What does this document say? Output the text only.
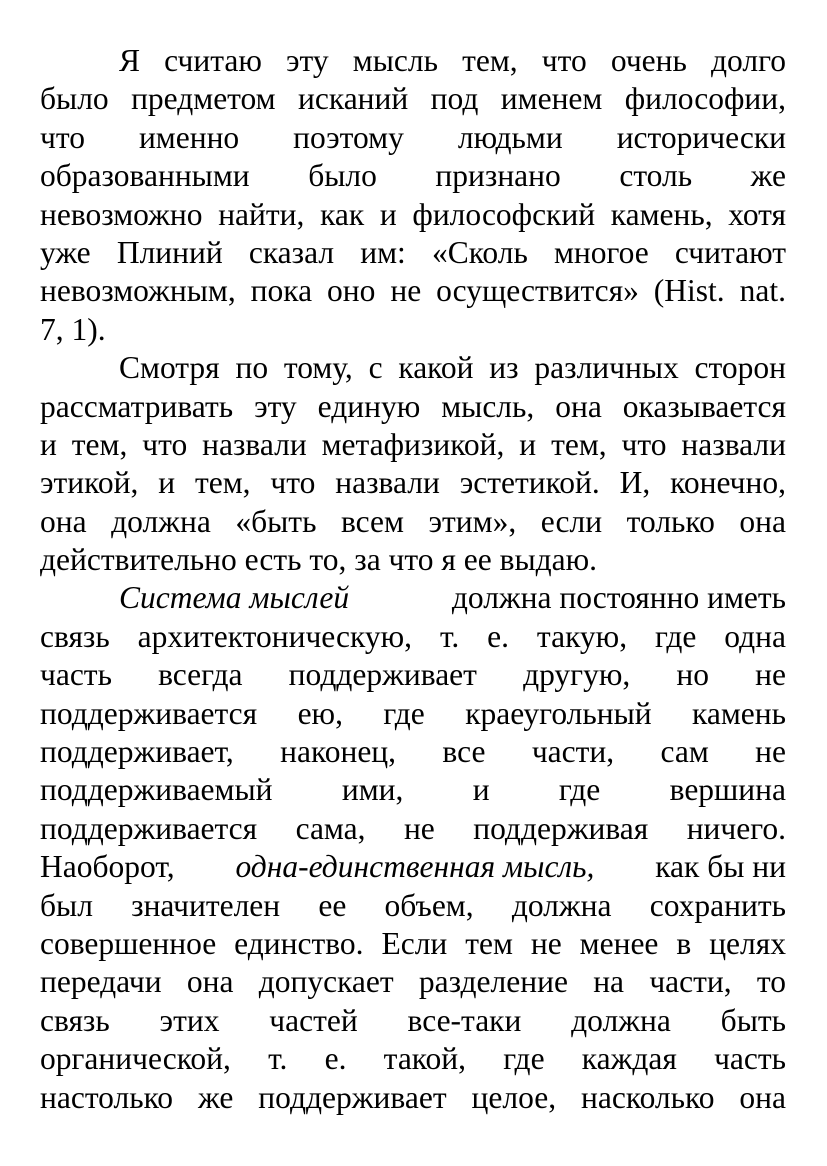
Я считаю эту мысль тем, что очень долго
было предметом исканий под именем философии,
что именно поэтому людьми исторически
образованными было признано столь же
невозможно найти, как и философский камень, хотя
уже Плиний сказал им: «Сколь многое считают
невозможным, пока оно не осуществится» (Hist. nat.
7, 1).
Смотря по тому, с какой из различных сторон
рассматривать эту единую мысль, она оказывается
и тем, что назвали метафизикой, и тем, что назвали
этикой, и тем, что назвали эстетикой. И, конечно,
она должна «быть всем этим», если только она
действительно есть то, за что я ее выдаю.
Система мыслей	должна постоянно иметь
связь архитектоническую, т. е. такую, где одна
часть всегда поддерживает другую, но не
поддерживается ею, где краеугольный камень
поддерживает, наконец, все части, сам не
поддерживаемый ими, и где вершина
поддерживается сама, не поддерживая ничего.
Наоборот, одна-единственная мысль, как бы ни
был значителен ее объем, должна сохранить
совершенное единство. Если тем не менее в целях
передачи она допускает разделение на части, то
связь этих частей все-таки должна быть
органической, т. е. такой, где каждая часть
настолько же поддерживает целое, насколько она
